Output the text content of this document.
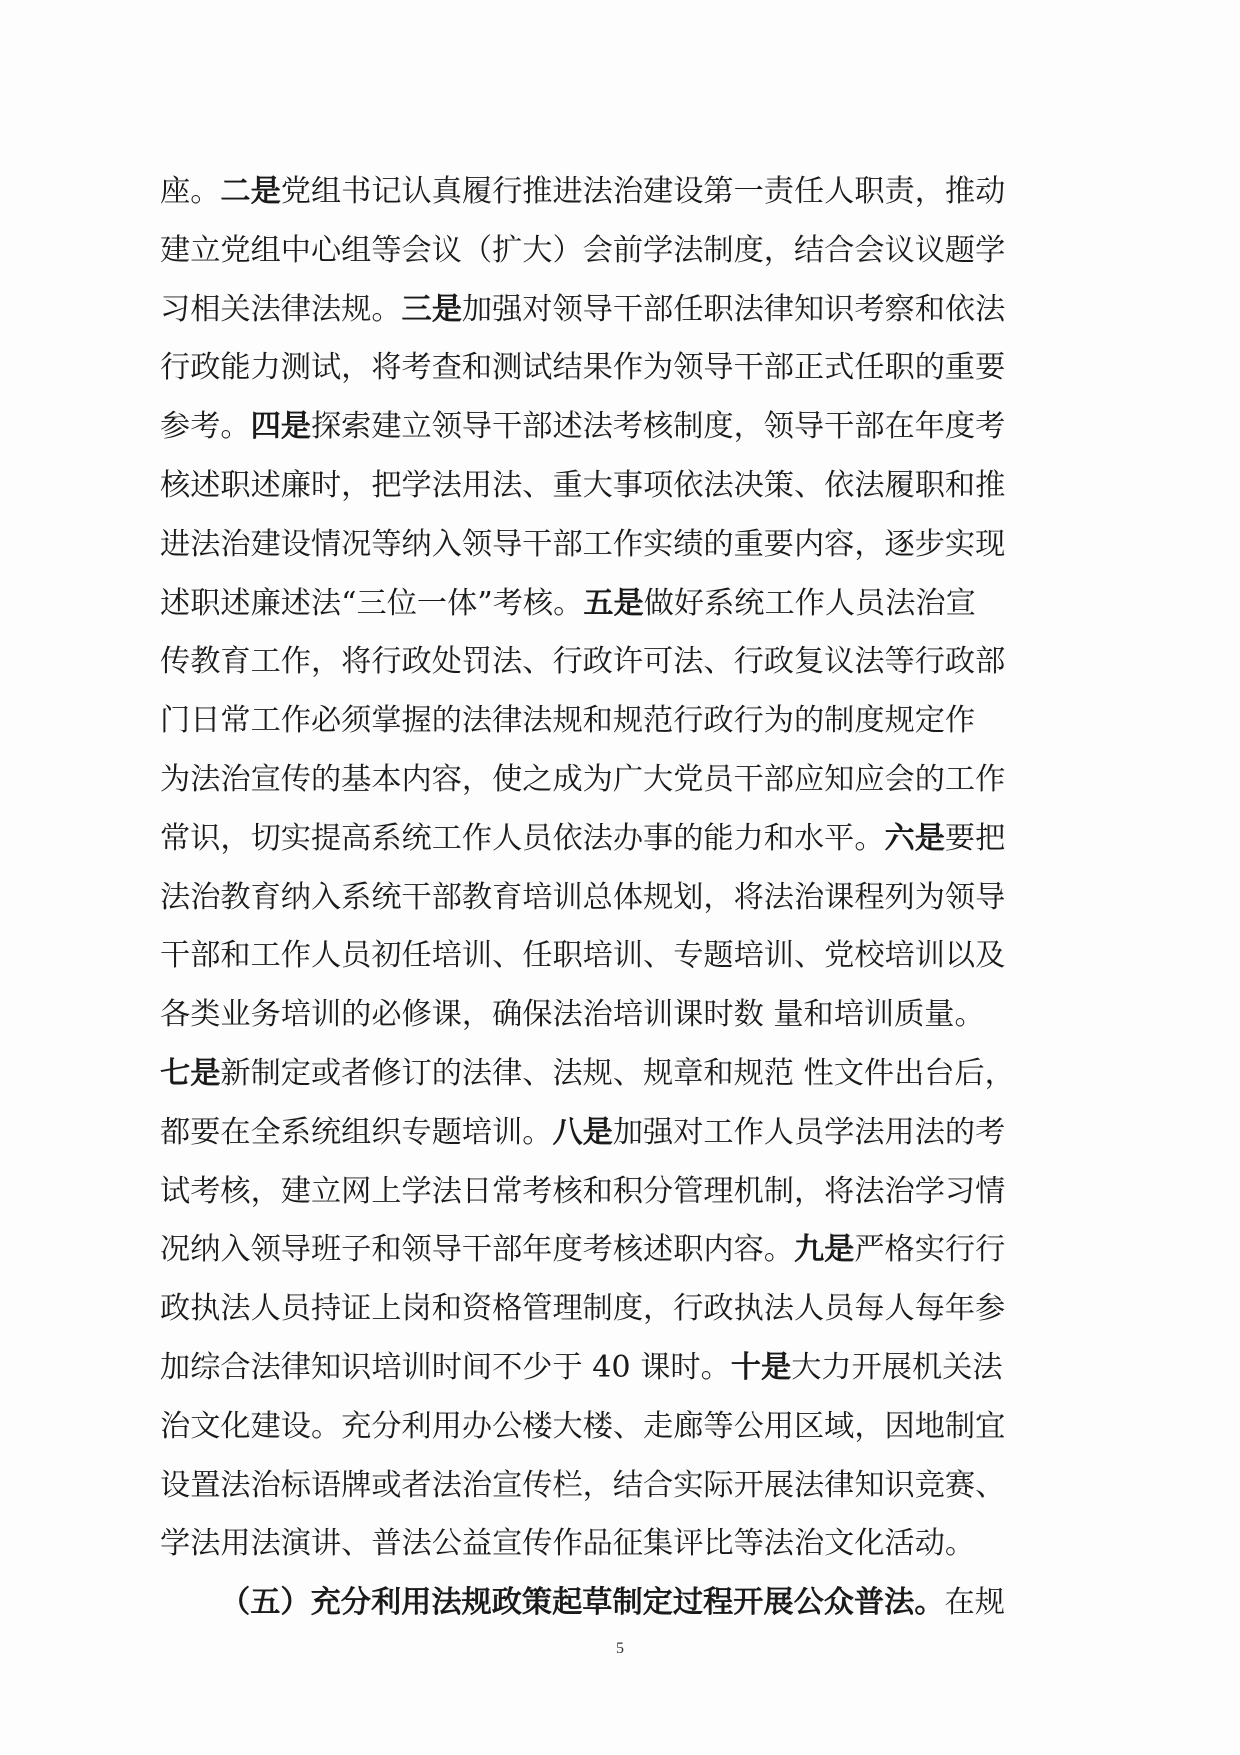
座。二是党组书记认真履行推进法治建设第一责任人职责，推动
建立党组中心组等会议（扩大）会前学法制度，结合会议议题学
习相关法律法规。三是加强对领导干部任职法律知识考察和依法
行政能力测试，将考查和测试结果作为领导干部正式任职的重要
参考。四是探索建立领导干部述法考核制度，领导干部在年度考
核述职述廉时，把学法用法、重大事项依法决策、依法履职和推
进法治建设情况等纳入领导干部工作实绩的重要内容，逐步实现
述职述廉述法“三位一体”考核。五是做好系统工作人员法治宣
传教育工作，将行政处罚法、行政许可法、行政复议法等行政部
门日常工作必须掌握的法律法规和规范行政行为的制度规定作
为法治宣传的基本内容，使之成为广大党员干部应知应会的工作
常识，切实提高系统工作人员依法办事的能力和水平。六是要把
法治教育纳入系统干部教育培训总体规划，将法治课程列为领导
干部和工作人员初任培训、任职培训、专题培训、党校培训以及
各类业务培训的必修课，确保法治培训课时数 量和培训质量。
七是新制定或者修订的法律、法规、规章和规范 性文件出台后，
都要在全系统组织专题培训。八是加强对工作人员学法用法的考
试考核，建立网上学法日常考核和积分管理机制，将法治学习情
况纳入领导班子和领导干部年度考核述职内容。九是严格实行行
政执法人员持证上岗和资格管理制度，行政执法人员每人每年参
加综合法律知识培训时间不少于 40 课时。十是大力开展机关法
治文化建设。充分利用办公楼大楼、走廊等公用区域，因地制宜
设置法治标语牌或者法治宣传栏，结合实际开展法律知识竞赛、
学法用法演讲、普法公益宣传作品征集评比等法治文化活动。
（五）充分利用法规政策起草制定过程开展公众普法。在规
5
